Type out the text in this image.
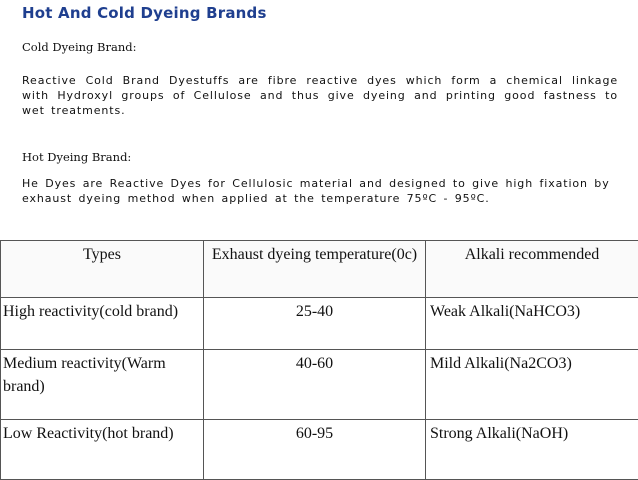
Hot And Cold Dyeing Brands
Cold Dyeing Brand:
Reactive Cold Brand Dyestuffs are fibre reactive dyes which form a chemical linkage with Hydroxyl groups of Cellulose and thus give dyeing and printing good fastness to wet treatments.
Hot Dyeing Brand:
He Dyes are Reactive Dyes for Cellulosic material and designed to give high fixation by exhaust dyeing method when applied at the temperature 75ºC - 95ºC.
Types	Exhaust dyeing temperature(0c)	Alkali recommended
High reactivity(cold brand)	25-40	Weak Alkali(NaHCO3)
Medium reactivity(Warm brand)	40-60	Mild Alkali(Na2CO3)
Low Reactivity(hot brand)	60-95	Strong Alkali(NaOH)
